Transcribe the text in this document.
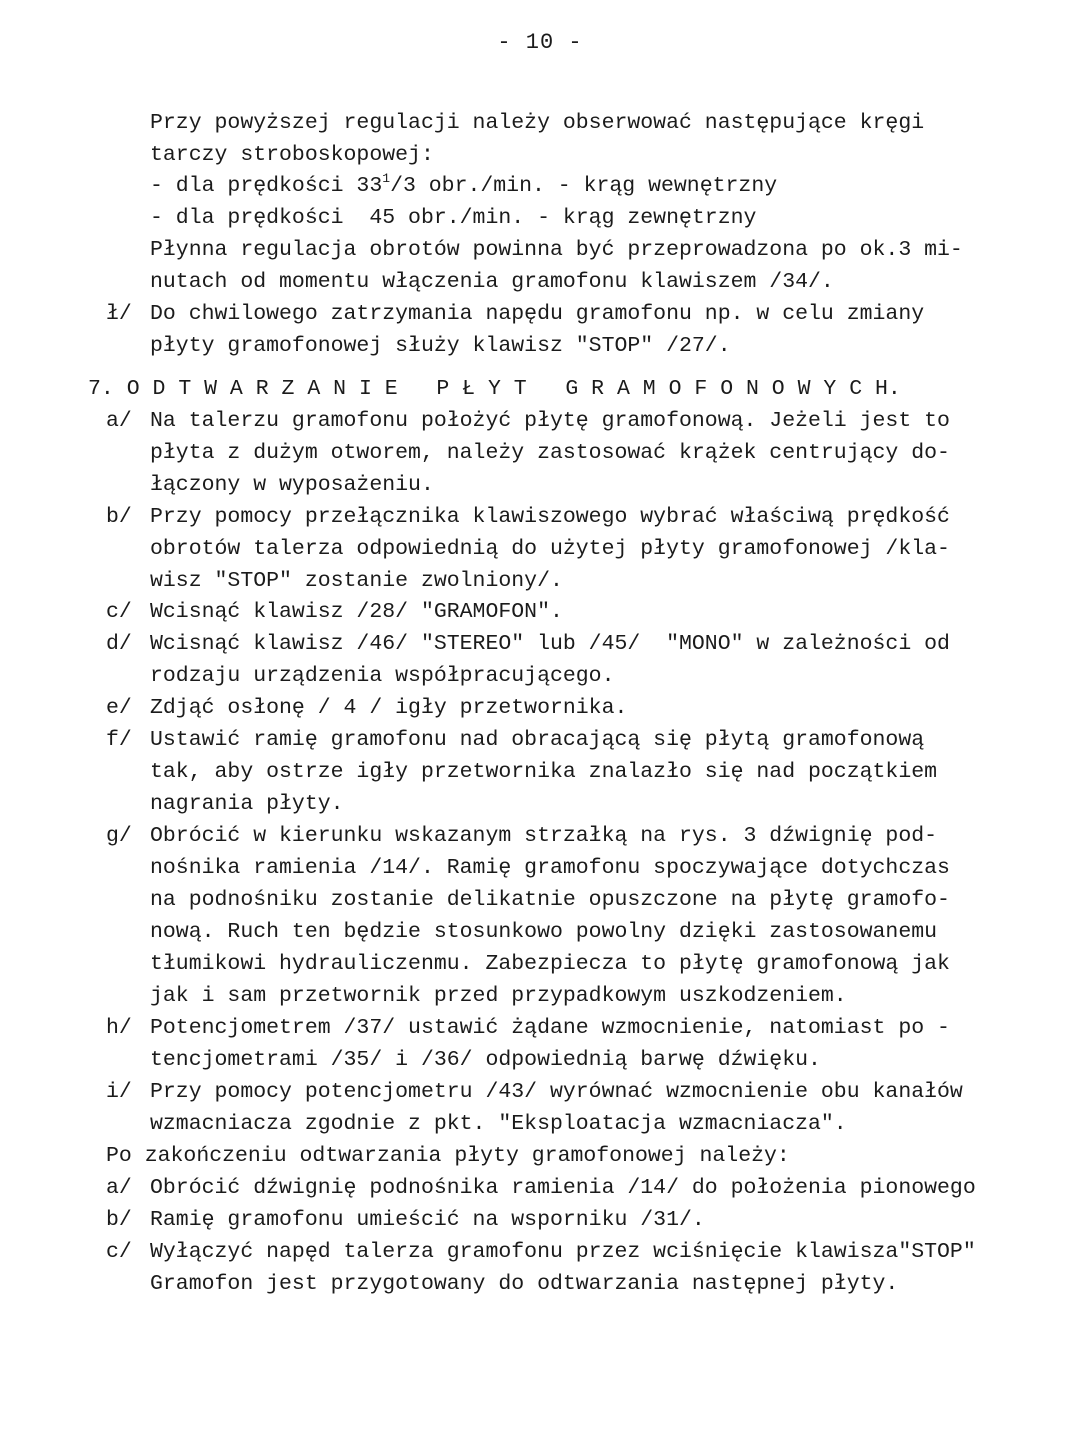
- 10 -
Przy powyższej regulacji należy obserwować następujące kręgi
tarczy stroboskopowej:
- dla prędkości $33^1/3$ obr./min. - krąg wewnętrzny
- dla prędkości  45 obr./min. - krąg zewnętrzny
Płynna regulacja obrotów powinna być przeprowadzona po ok.3 mi-
nutach od momentu włączenia gramofonu klawiszem /34/.
ł/ Do chwilowego zatrzymania napędu gramofonu np. w celu zmiany
płyty gramofonowej służy klawisz "STOP" /27/.
7. O D T W A R Z A N I E   P Ł Y T   G R A M O F O N O W Y C H.
a/ Na talerzu gramofonu położyć płytę gramofonową. Jeżeli jest to
płyta z dużym otworem, należy zastosować krążek centrujący do-
łączony w wyposażeniu.
b/ Przy pomocy przełącznika klawiszowego wybrać właściwą prędkość
obrotów talerza odpowiednią do użytej płyty gramofonowej /kla-
wisz "STOP" zostanie zwolniony/.
c/ Wcisnąć klawisz /28/ "GRAMOFON".
d/ Wcisnąć klawisz /46/ "STEREO" lub /45/  "MONO" w zależności od
rodzaju urządzenia współpracującego.
e/ Zdjąć osłonę / 4 / igły przetwornika.
f/ Ustawić ramię gramofonu nad obracającą się płytą gramofonową
tak, aby ostrze igły przetwornika znalazło się nad początkiem
nagrania płyty.
g/ Obrócić w kierunku wskazanym strzałką na rys. 3 dźwignię pod-
nośnika ramienia /14/. Ramię gramofonu spoczywające dotychczas
na podnośniku zostanie delikatnie opuszczone na płytę gramofo-
nową. Ruch ten będzie stosunkowo powolny dzięki zastosowanemu
tłumikowi hydrauliczenmu. Zabezpiecza to płytę gramofonową jak
jak i sam przetwornik przed przypadkowym uszkodzeniem.
h/ Potencjometrem /37/ ustawić żądane wzmocnienie, natomiast po -
tencjometrami /35/ i /36/ odpowiednią barwę dźwięku.
i/ Przy pomocy potencjometru /43/ wyrównać wzmocnienie obu kanałów
wzmacniacza zgodnie z pkt. "Eksploatacja wzmacniacza".
Po zakończeniu odtwarzania płyty gramofonowej należy:
a/ Obrócić dźwignię podnośnika ramienia /14/ do położenia pionowego
b/ Ramię gramofonu umieścić na wsporniku /31/.
c/ Wyłączyć napęd talerza gramofonu przez wciśnięcie klawisza"STOP"
Gramofon jest przygotowany do odtwarzania następnej płyty.
